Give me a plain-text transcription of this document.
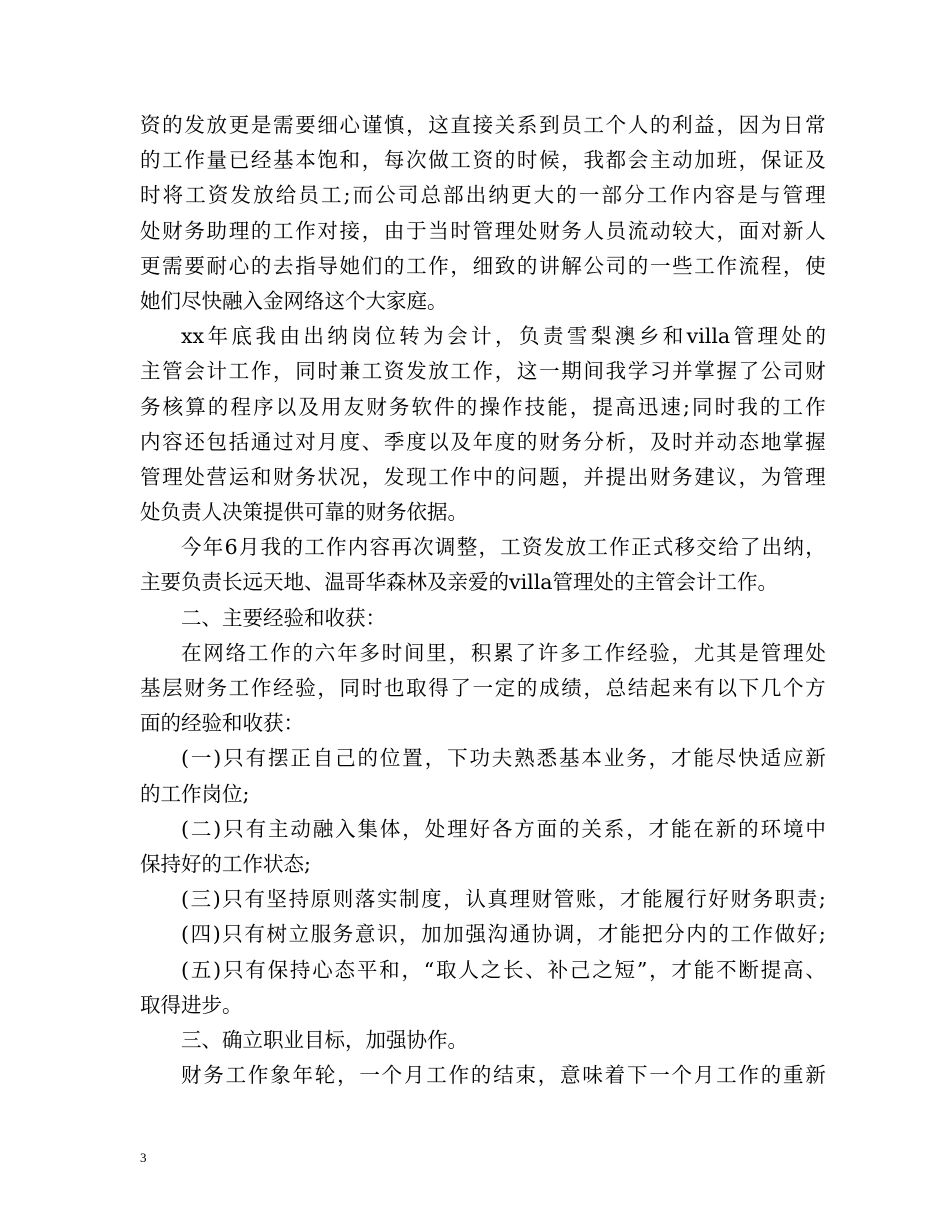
资 的 发 放 更 是 需 要 细 心 谨 慎 ， 这 直 接 关 系 到 员 工 个 人 的 利 益 ， 因 为 日 常
的 工 作 量 已 经 基 本 饱 和 ， 每 次 做 工 资 的 时 候 ， 我 都 会 主 动 加 班 ， 保 证 及
时 将 工 资 发 放 给 员 工 ; 而 公 司 总 部 出 纳 更 大 的 一 部 分 工 作 内 容 是 与 管 理
处 财 务 助 理 的 工 作 对 接 ， 由 于 当 时 管 理 处 财 务 人 员 流 动 较 大 ， 面 对 新 人
更 需 要 耐 心 的 去 指 导 她 们 的 工 作 ， 细 致 的 讲 解 公 司 的 一 些 工 作 流 程 ， 使
她们尽快融入金网络这个大家庭。
xx 年 底 我 由 出 纳 岗 位 转 为 会 计 ， 负 责 雪 梨 澳 乡 和 villa 管 理 处 的
主 管 会 计 工 作 ， 同 时 兼 工 资 发 放 工 作 ， 这 一 期 间 我 学 习 并 掌 握 了 公 司 财
务 核 算 的 程 序 以 及 用 友 财 务 软 件 的 操 作 技 能 ， 提 高 迅 速 ; 同 时 我 的 工 作
内 容 还 包 括 通 过 对 月 度 、 季 度 以 及 年 度 的 财 务 分 析 ， 及 时 并 动 态 地 掌 握
管 理 处 营 运 和 财 务 状 况 ， 发 现 工 作 中 的 问 题 ， 并 提 出 财 务 建 议 ， 为 管 理
处负责人决策提供可靠的财务依据。
今 年 6 月 我 的 工 作 内 容 再 次 调 整 ， 工 资 发 放 工 作 正 式 移 交 给 了 出 纳 ，
主要负责长远天地、温哥华森林及亲爱的villa管理处的主管会计工作。
二、主要经验和收获：
在 网 络 工 作 的 六 年 多 时 间 里 ， 积 累 了 许 多 工 作 经 验 ， 尤 其 是 管 理 处
基 层 财 务 工 作 经 验 ， 同 时 也 取 得 了 一 定 的 成 绩 ， 总 结 起 来 有 以 下 几 个 方
面的经验和收获：
( 一 ) 只 有 摆 正 自 己 的 位 置 ， 下 功 夫 熟 悉 基 本 业 务 ， 才 能 尽 快 适 应 新
的工作岗位;
( 二 ) 只 有 主 动 融 入 集 体 ， 处 理 好 各 方 面 的 关 系 ， 才 能 在 新 的 环 境 中
保持好的工作状态;
( 三 ) 只 有 坚 持 原 则 落 实 制 度 ， 认 真 理 财 管 账 ， 才 能 履 行 好 财 务 职 责 ;
( 四 ) 只 有 树 立 服 务 意 识 ， 加 加 强 沟 通 协 调 ， 才 能 把 分 内 的 工 作 做 好 ;
( 五 ) 只 有 保 持 心 态 平 和 ， “ 取 人 之 长 、 补 己 之 短 ” ， 才 能 不 断 提 高 、
取得进步。
三、确立职业目标，加强协作。
财 务 工 作 象 年 轮 ， 一 个 月 工 作 的 结 束 ， 意 味 着 下 一 个 月 工 作 的 重 新
3
